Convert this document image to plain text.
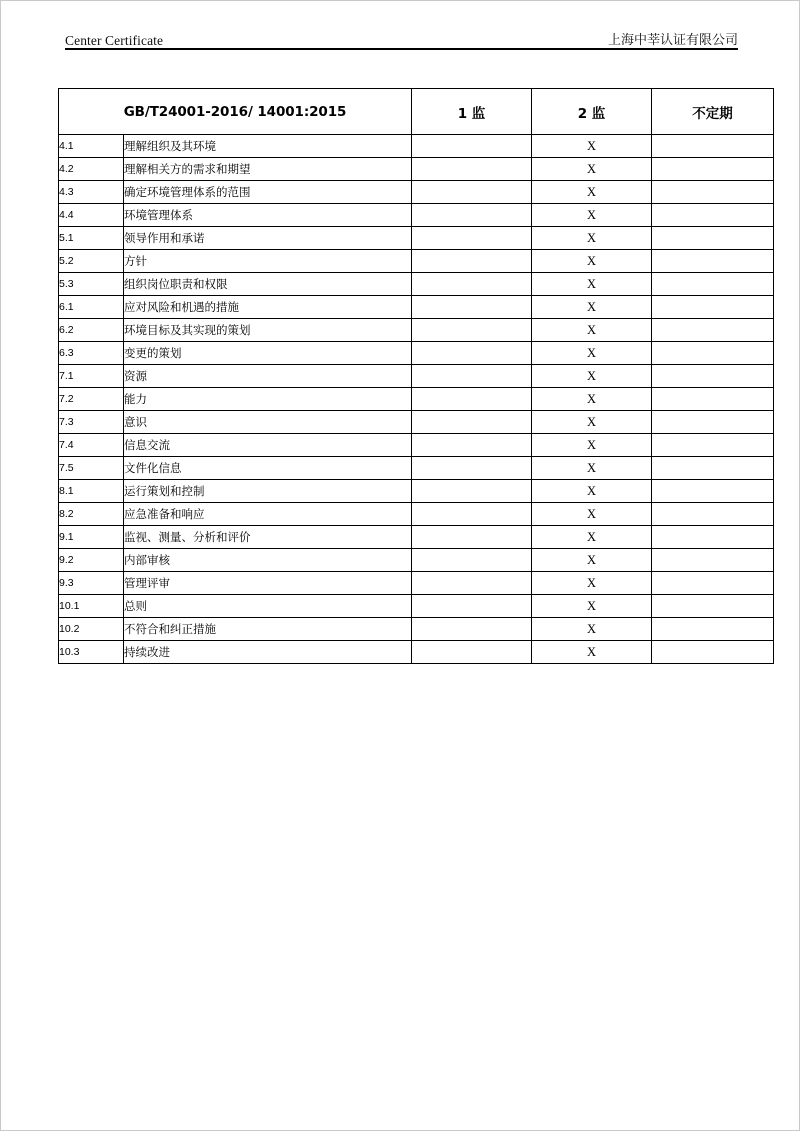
Center Certificate	上海中莘认证有限公司
GB/T24001-2016/ 14001:2015		1 监	2 监	不定期
4.1	理解组织及其环境		X	
4.2	理解相关方的需求和期望		X	
4.3	确定环境管理体系的范围		X	
4.4	环境管理体系		X	
5.1	领导作用和承诺		X	
5.2	方针		X	
5.3	组织岗位职责和权限		X	
6.1	应对风险和机遇的措施		X	
6.2	环境目标及其实现的策划		X	
6.3	变更的策划		X	
7.1	资源		X	
7.2	能力		X	
7.3	意识		X	
7.4	信息交流		X	
7.5	文件化信息		X	
8.1	运行策划和控制		X	
8.2	应急准备和响应		X	
9.1	监视、测量、分析和评价		X	
9.2	内部审核		X	
9.3	管理评审		X	
10.1	总则		X	
10.2	不符合和纠正措施		X	
10.3	持续改进		X	
